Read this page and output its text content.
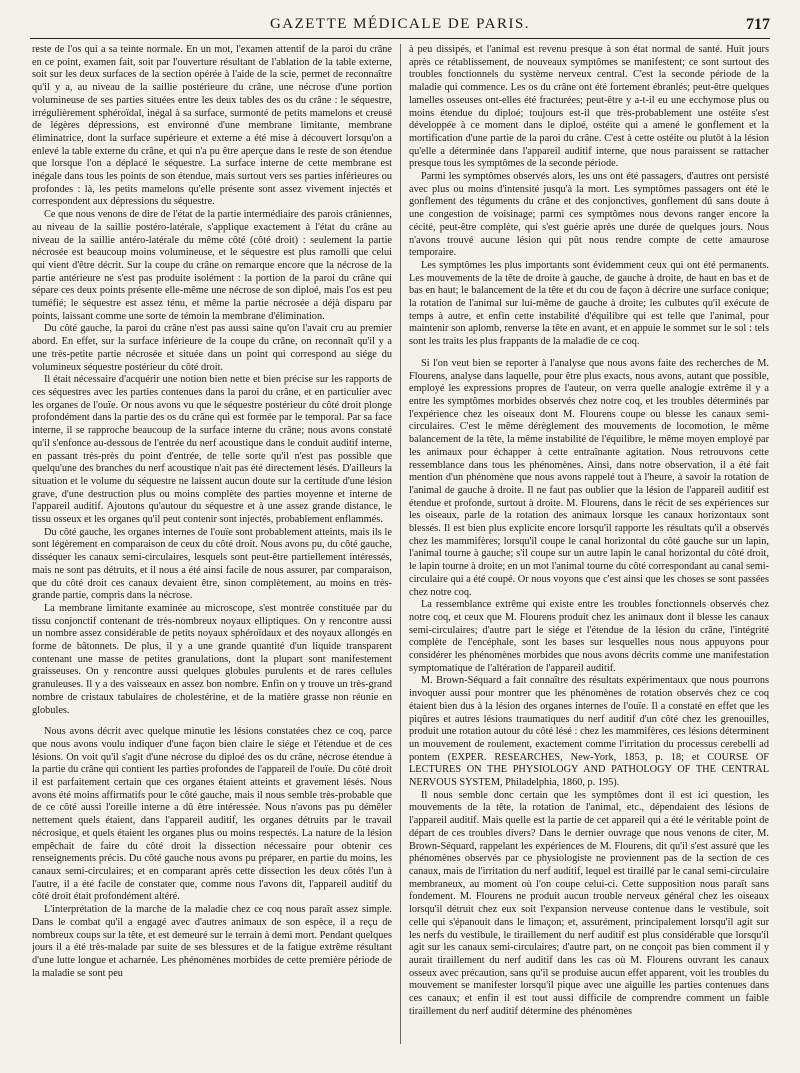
GAZETTE MÉDICALE DE PARIS.	717

reste de l'os qui a sa teinte normale. En un mot, l'examen attentif de la paroi du crâne en ce point, examen fait, soit par l'ouverture résultant de l'ablation de la table externe, soit sur les deux surfaces de la section opérée à l'aide de la scie, permet de reconnaître qu'il y a, au niveau de la saillie postérieure du crâne, une nécrose d'une portion volumineuse de ses parties situées entre les deux tables des os du crâne : le séquestre, irrégulièrement sphéroïdal, inégal à sa surface, surmonté de petits mamelons et creusé de légères dépressions, est environné d'une membrane limitante, membrane éliminatrice, dont la surface supérieure et externe a été mise à découvert lorsqu'on a enlevé la table externe du crâne, et qui n'a pu être aperçue dans le reste de son étendue que lorsque l'on a déplacé le séquestre. La surface interne de cette membrane est inégale dans tous les points de son étendue, mais surtout vers ses parties inférieures ou profondes : là, les petits mamelons qu'elle présente sont assez vivement injectés et correspondent aux dépressions du séquestre.

Ce que nous venons de dire de l'état de la partie intermédiaire des parois crâniennes, au niveau de la saillie postéro-latérale, s'applique exactement à l'état du crâne au niveau de la saillie antéro-latérale du même côté (côté droit) : seulement la partie nécrosée est beaucoup moins volumineuse, et le séquestre est plus ramolli que celui qui vient d'être décrit. Sur la coupe du crâne on remarque encore que la nécrose de la partie antérieure ne s'est pas produite isolément : la portion de la paroi du crâne qui sépare ces deux points présente elle-même une nécrose de son diploé, mais l'os est peu tuméfié; le séquestre est assez ténu, et même la partie nécrosée a déjà disparu par points, laissant comme une sorte de témoin la membrane d'élimination.

Du côté gauche, la paroi du crâne n'est pas aussi saine qu'on l'avait cru au premier abord. En effet, sur la surface inférieure de la coupe du crâne, on reconnaît qu'il y a une très-petite partie nécrosée et située dans un point qui correspond au siége du volumineux séquestre postérieur du côté droit.

Il était nécessaire d'acquérir une notion bien nette et bien précise sur les rapports de ces séquestres avec les parties contenues dans la paroi du crâne, et en particulier avec les organes de l'ouïe. Or nous avons vu que le séquestre postérieur du côté droit plonge profondément dans la partie des os du crâne qui est formée par le temporal. Par sa face interne, il se rapproche beaucoup de la surface interne du crâne; nous avons constaté qu'il s'enfonce au-dessous de l'entrée du nerf acoustique dans le conduit auditif interne, en passant très-près du point d'entrée, de telle sorte qu'il n'est pas possible que quelqu'une des branches du nerf acoustique n'ait pas été directement lésés. D'ailleurs la situation et le volume du séquestre ne laissent aucun doute sur la certitude d'une lésion grave, d'une destruction plus ou moins complète des parties moyenne et interne de l'appareil auditif. Ajoutons qu'autour du séquestre et à une assez grande distance, le tissu osseux et les organes qu'il peut contenir sont injectés, probablement enflammés.

Du côté gauche, les organes internes de l'ouïe sont probablement atteints, mais ils le sont légèrement en comparaison de ceux du côté droit. Nous avons pu, du côté gauche, disséquer les canaux semi-circulaires, lesquels sont peut-être partiellement intéressés, mais ne sont pas détruits, et il nous a été ainsi facile de nous assurer, par comparaison, que du côté droit ces canaux devaient être, sinon complètement, au moins en très-grande partie, compris dans la nécrose.

La membrane limitante examinée au microscope, s'est montrée constituée par du tissu conjonctif contenant de très-nombreux noyaux elliptiques. On y rencontre aussi un nombre assez considérable de petits noyaux sphéroïdaux et des noyaux allongés en forme de bâtonnets. De plus, il y a une grande quantité d'un liquide transparent contenant une masse de petites granulations, dont la plupart sont manifestement graisseuses. On y rencontre aussi quelques globules purulents et de rares cellules granuleuses. Il y a des vaisseaux en assez bon nombre. Enfin on y trouve un très-grand nombre de cristaux tabulaires de cholestérine, et de la matière grasse non réunie en globules.

Nous avons décrit avec quelque minutie les lésions constatées chez ce coq, parce que nous avons voulu indiquer d'une façon bien claire le siége et l'étendue et de ces lésions. On voit qu'il s'agit d'une nécrose du diploé des os du crâne, nécrose étendue à la partie du crâne qui contient les parties profondes de l'appareil de l'ouïe. Du côté droit il est parfaitement certain que ces organes étaient atteints et gravement lésés. Nous avons été moins affirmatifs pour le côté gauche, mais il nous semble très-probable que de ce côté aussi l'oreille interne a dû être intéressée. Nous n'avons pas pu démêler nettement quels étaient, dans l'appareil auditif, les organes détruits par le travail nécrosique, et quels étaient les organes plus ou moins respectés. La nature de la lésion empêchait de faire du côté droit la dissection nécessaire pour obtenir ces renseignements précis. Du côté gauche nous avons pu préparer, en partie du moins, les canaux semi-circulaires; et en comparant après cette dissection les deux côtés l'un à l'autre, il a été facile de constater que, comme nous l'avons dit, l'appareil auditif du côté droit était profondément altéré.

L'interprétation de la marche de la maladie chez ce coq nous paraît assez simple. Dans le combat qu'il a engagé avec d'autres animaux de son espèce, il a reçu de nombreux coups sur la tête, et est demeuré sur le terrain à demi mort. Pendant quelques jours il a été très-malade par suite de ses blessures et de la fatigue extrême résultant d'une lutte longue et acharnée. Les phénomènes morbides de cette première période de la maladie se sont peu

à peu dissipés, et l'animal est revenu presque à son état normal de santé. Huit jours après ce rétablissement, de nouveaux symptômes se manifestent; ce sont surtout des troubles fonctionnels du système nerveux central. C'est la seconde période de la maladie qui commence. Les os du crâne ont été fortement ébranlés; peut-être quelques lamelles osseuses ont-elles été fracturées; peut-être y a-t-il eu une ecchymose plus ou moins étendue du diploé; toujours est-il que très-probablement une ostéite s'est développée à ce moment dans le diploé, ostéite qui a amené le gonflement et la mortification d'une partie de la paroi du crâne. C'est à cette ostéite ou plutôt à la lésion qu'elle a déterminée dans l'appareil auditif interne, que nous paraissent se rattacher presque tous les symptômes de la seconde période.

Parmi les symptômes observés alors, les uns ont été passagers, d'autres ont persisté avec plus ou moins d'intensité jusqu'à la mort. Les symptômes passagers ont été le gonflement des téguments du crâne et des conjonctives, gonflement dû sans doute à une congestion de voisinage; parmi ces symptômes nous devons ranger encore la cécité, peut-être complète, qui s'est guérie après une durée de quelques jours. Nous n'avons trouvé aucune lésion qui pût nous rendre compte de cette amaurose temporaire.

Les symptômes les plus importants sont évidemment ceux qui ont été permanents. Les mouvements de la tête de droite à gauche, de gauche à droite, de haut en bas et de bas en haut; le balancement de la tête et du cou de façon à décrire une surface conique; la rotation de l'animal sur lui-même de gauche à droite; les culbutes qu'il exécute de temps à autre, et enfin cette instabilité d'équilibre qui est telle que l'animal, pour maintenir son aplomb, renverse la tête en avant, et en appuie le sommet sur le sol : tels sont les traits les plus frappants de la maladie de ce coq.

Si l'on veut bien se reporter à l'analyse que nous avons faite des recherches de M. Flourens, analyse dans laquelle, pour être plus exacts, nous avons, autant que possible, employé les expressions propres de l'auteur, on verra quelle analogie extrême il y a entre les symptômes morbides observés chez notre coq, et les troubles déterminés par l'expérience chez les oiseaux dont M. Flourens coupe ou blesse les canaux semi-circulaires. C'est le même dérèglement des mouvements de locomotion, le même balancement de la tête, la même instabilité de l'équilibre, le même moyen employé par les animaux pour échapper à cette entraînante agitation. Nous retrouvons cette ressemblance dans tous les phénomènes. Ainsi, dans notre observation, il a été fait mention d'un phénomène que nous avons rappelé tout à l'heure, à savoir la rotation de l'animal de gauche à droite. Il ne faut pas oublier que la lésion de l'appareil auditif est étendue et profonde, surtout à droite. M. Flourens, dans le récit de ses expériences sur les oiseaux, parle de la rotation des animaux lorsque les canaux horizontaux sont blessés. Il est bien plus explicite encore lorsqu'il rapporte les résultats qu'il a observés chez les mammifères; lorsqu'il coupe le canal horizontal du côté gauche sur un lapin, l'animal tourne à gauche; s'il coupe sur un autre lapin le canal horizontal du côté droit, le lapin tourne à droite; en un mot l'animal tourne du côté correspondant au canal semi-circulaire qui a été coupé. Or nous voyons que c'est ainsi que les choses se sont passées chez notre coq.

La ressemblance extrême qui existe entre les troubles fonctionnels observés chez notre coq, et ceux que M. Flourens produit chez les animaux dont il blesse les canaux semi-circulaires; d'autre part le siége et l'étendue de la lésion du crâne, l'intégrité complète de l'encéphale, sont les bases sur lesquelles nous nous appuyons pour considérer les phénomènes morbides que nous avons décrits comme une manifestation symptomatique de l'altération de l'appareil auditif.

M. Brown-Séquard a fait connaître des résultats expérimentaux que nous pourrons invoquer aussi pour montrer que les phénomènes de rotation observés chez ce coq étaient bien dus à la lésion des organes internes de l'ouïe. Il a constaté en effet que les piqûres et autres lésions traumatiques du nerf auditif d'un côté chez les grenouilles, produit une rotation autour du côté lésé : chez les mammifères, ces lésions déterminent un mouvement de roulement, exactement comme l'irritation du processus cerebelli ad pontem (EXPER. RESEARCHES, New-York, 1853, p. 18; et COURSE OF LECTURES ON THE PHYSIOLOGY AND PATHOLOGY OF THE CENTRAL NERVOUS SYSTEM, Philadelphia, 1860, p. 195).

Il nous semble donc certain que les symptômes dont il est ici question, les mouvements de la tête, la rotation de l'animal, etc., dépendaient des lésions de l'appareil auditif. Mais quelle est la partie de cet appareil qui a été le véritable point de départ de ces troubles divers? Dans le dernier ouvrage que nous venons de citer, M. Brown-Séquard, rappelant les expériences de M. Flourens, dit qu'il s'est assuré que les phénomènes observés par ce physiologiste ne proviennent pas de la section de ces canaux, mais de l'irritation du nerf auditif, lequel est tiraillé par le canal semi-circulaire membraneux, au moment où l'on coupe celui-ci. Cette supposition nous paraît sans fondement. M. Flourens ne produit aucun trouble nerveux général chez les oiseaux lorsqu'il détruit chez eux soit l'expansion nerveuse contenue dans le vestibule, soit celle qui s'épanouit dans le limaçon; et, assurément, principalement lorsqu'il agit sur les nerfs du vestibule, le tiraillement du nerf auditif est plus considérable que lorsqu'il agit sur les canaux semi-circulaires; d'autre part, on ne conçoit pas bien comment il y aurait tiraillement du nerf auditif dans les cas où M. Flourens ouvrant les canaux osseux avec précaution, sans qu'il se produise aucun effet apparent, voit les troubles du mouvement se manifester lorsqu'il pique avec une aiguille les parties contenues dans ces canaux; et enfin il est tout aussi difficile de comprendre comment un faible tiraillement du nerf auditif détermine des phénomènes
